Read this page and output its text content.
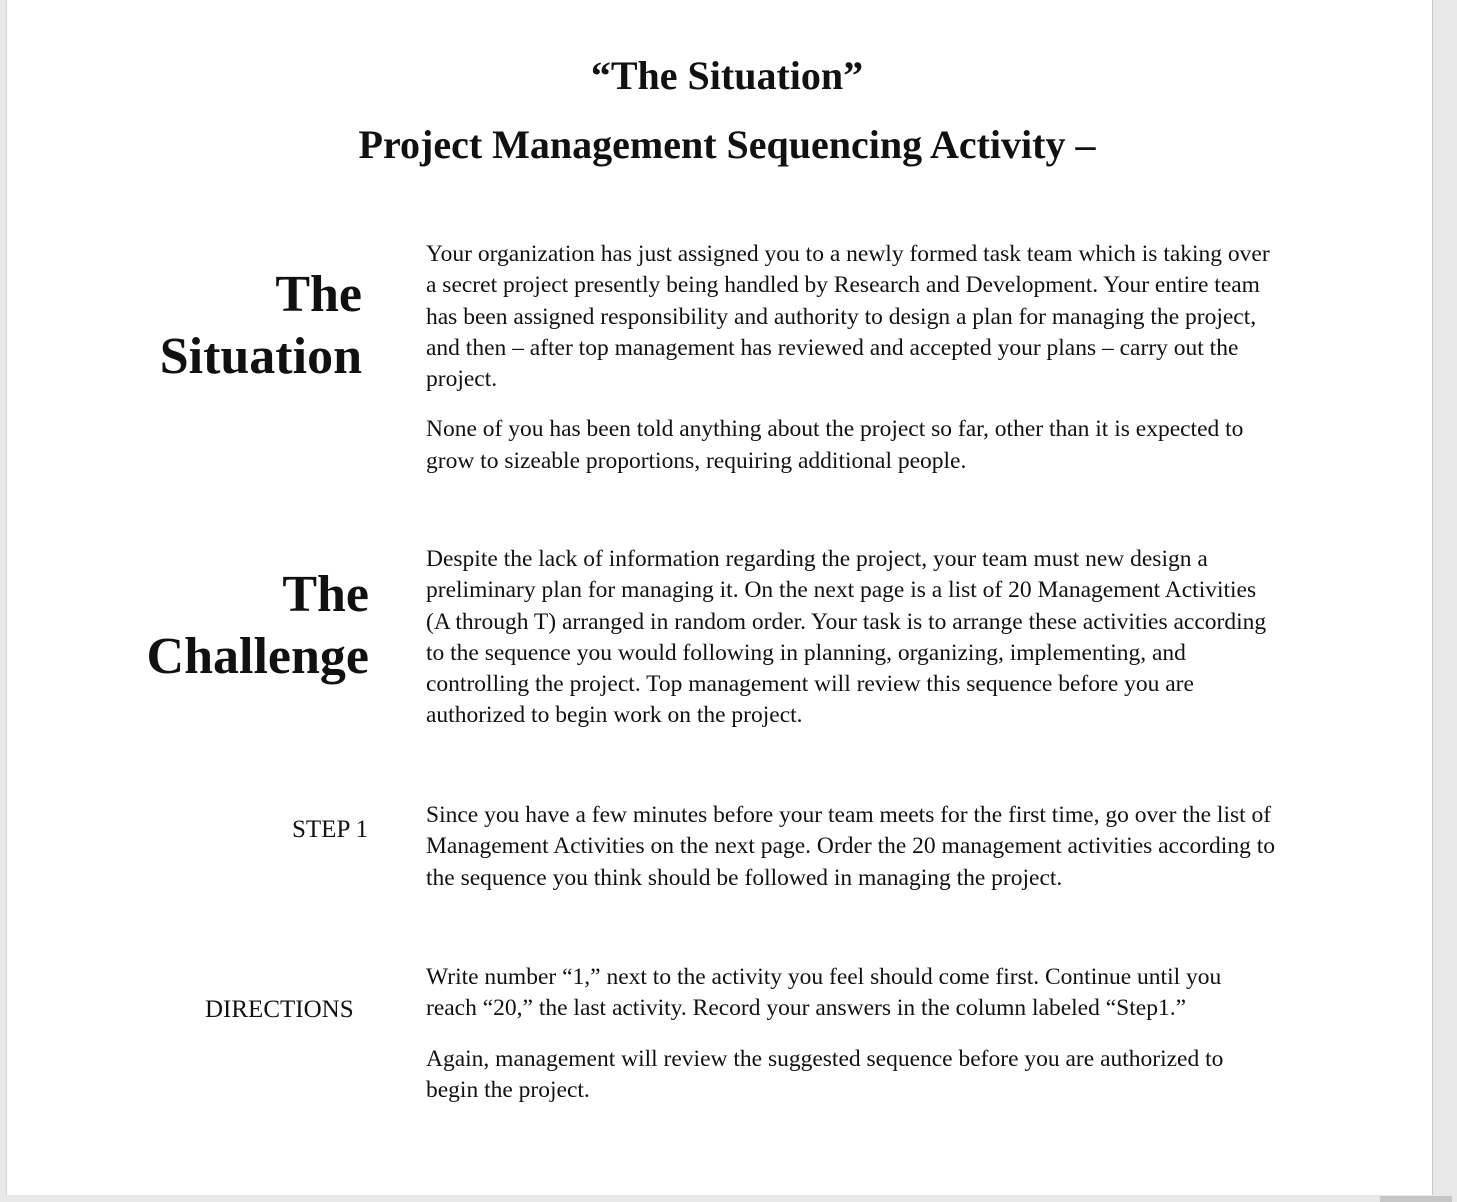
“The Situation”
Project Management Sequencing Activity –
The
Situation

Your organization has just assigned you to a newly formed task team which is taking over a secret project presently being handled by Research and Development. Your entire team has been assigned responsibility and authority to design a plan for managing the project, and then – after top management has reviewed and accepted your plans – carry out the project.

None of you has been told anything about the project so far, other than it is expected to grow to sizeable proportions, requiring additional people.

The
Challenge

Despite the lack of information regarding the project, your team must new design a preliminary plan for managing it. On the next page is a list of 20 Management Activities (A through T) arranged in random order. Your task is to arrange these activities according to the sequence you would following in planning, organizing, implementing, and controlling the project. Top management will review this sequence before you are authorized to begin work on the project.

STEP 1

Since you have a few minutes before your team meets for the first time, go over the list of Management Activities on the next page. Order the 20 management activities according to the sequence you think should be followed in managing the project.

DIRECTIONS

Write number “1,” next to the activity you feel should come first. Continue until you reach “20,” the last activity. Record your answers in the column labeled “Step1.”

Again, management will review the suggested sequence before you are authorized to begin the project.
